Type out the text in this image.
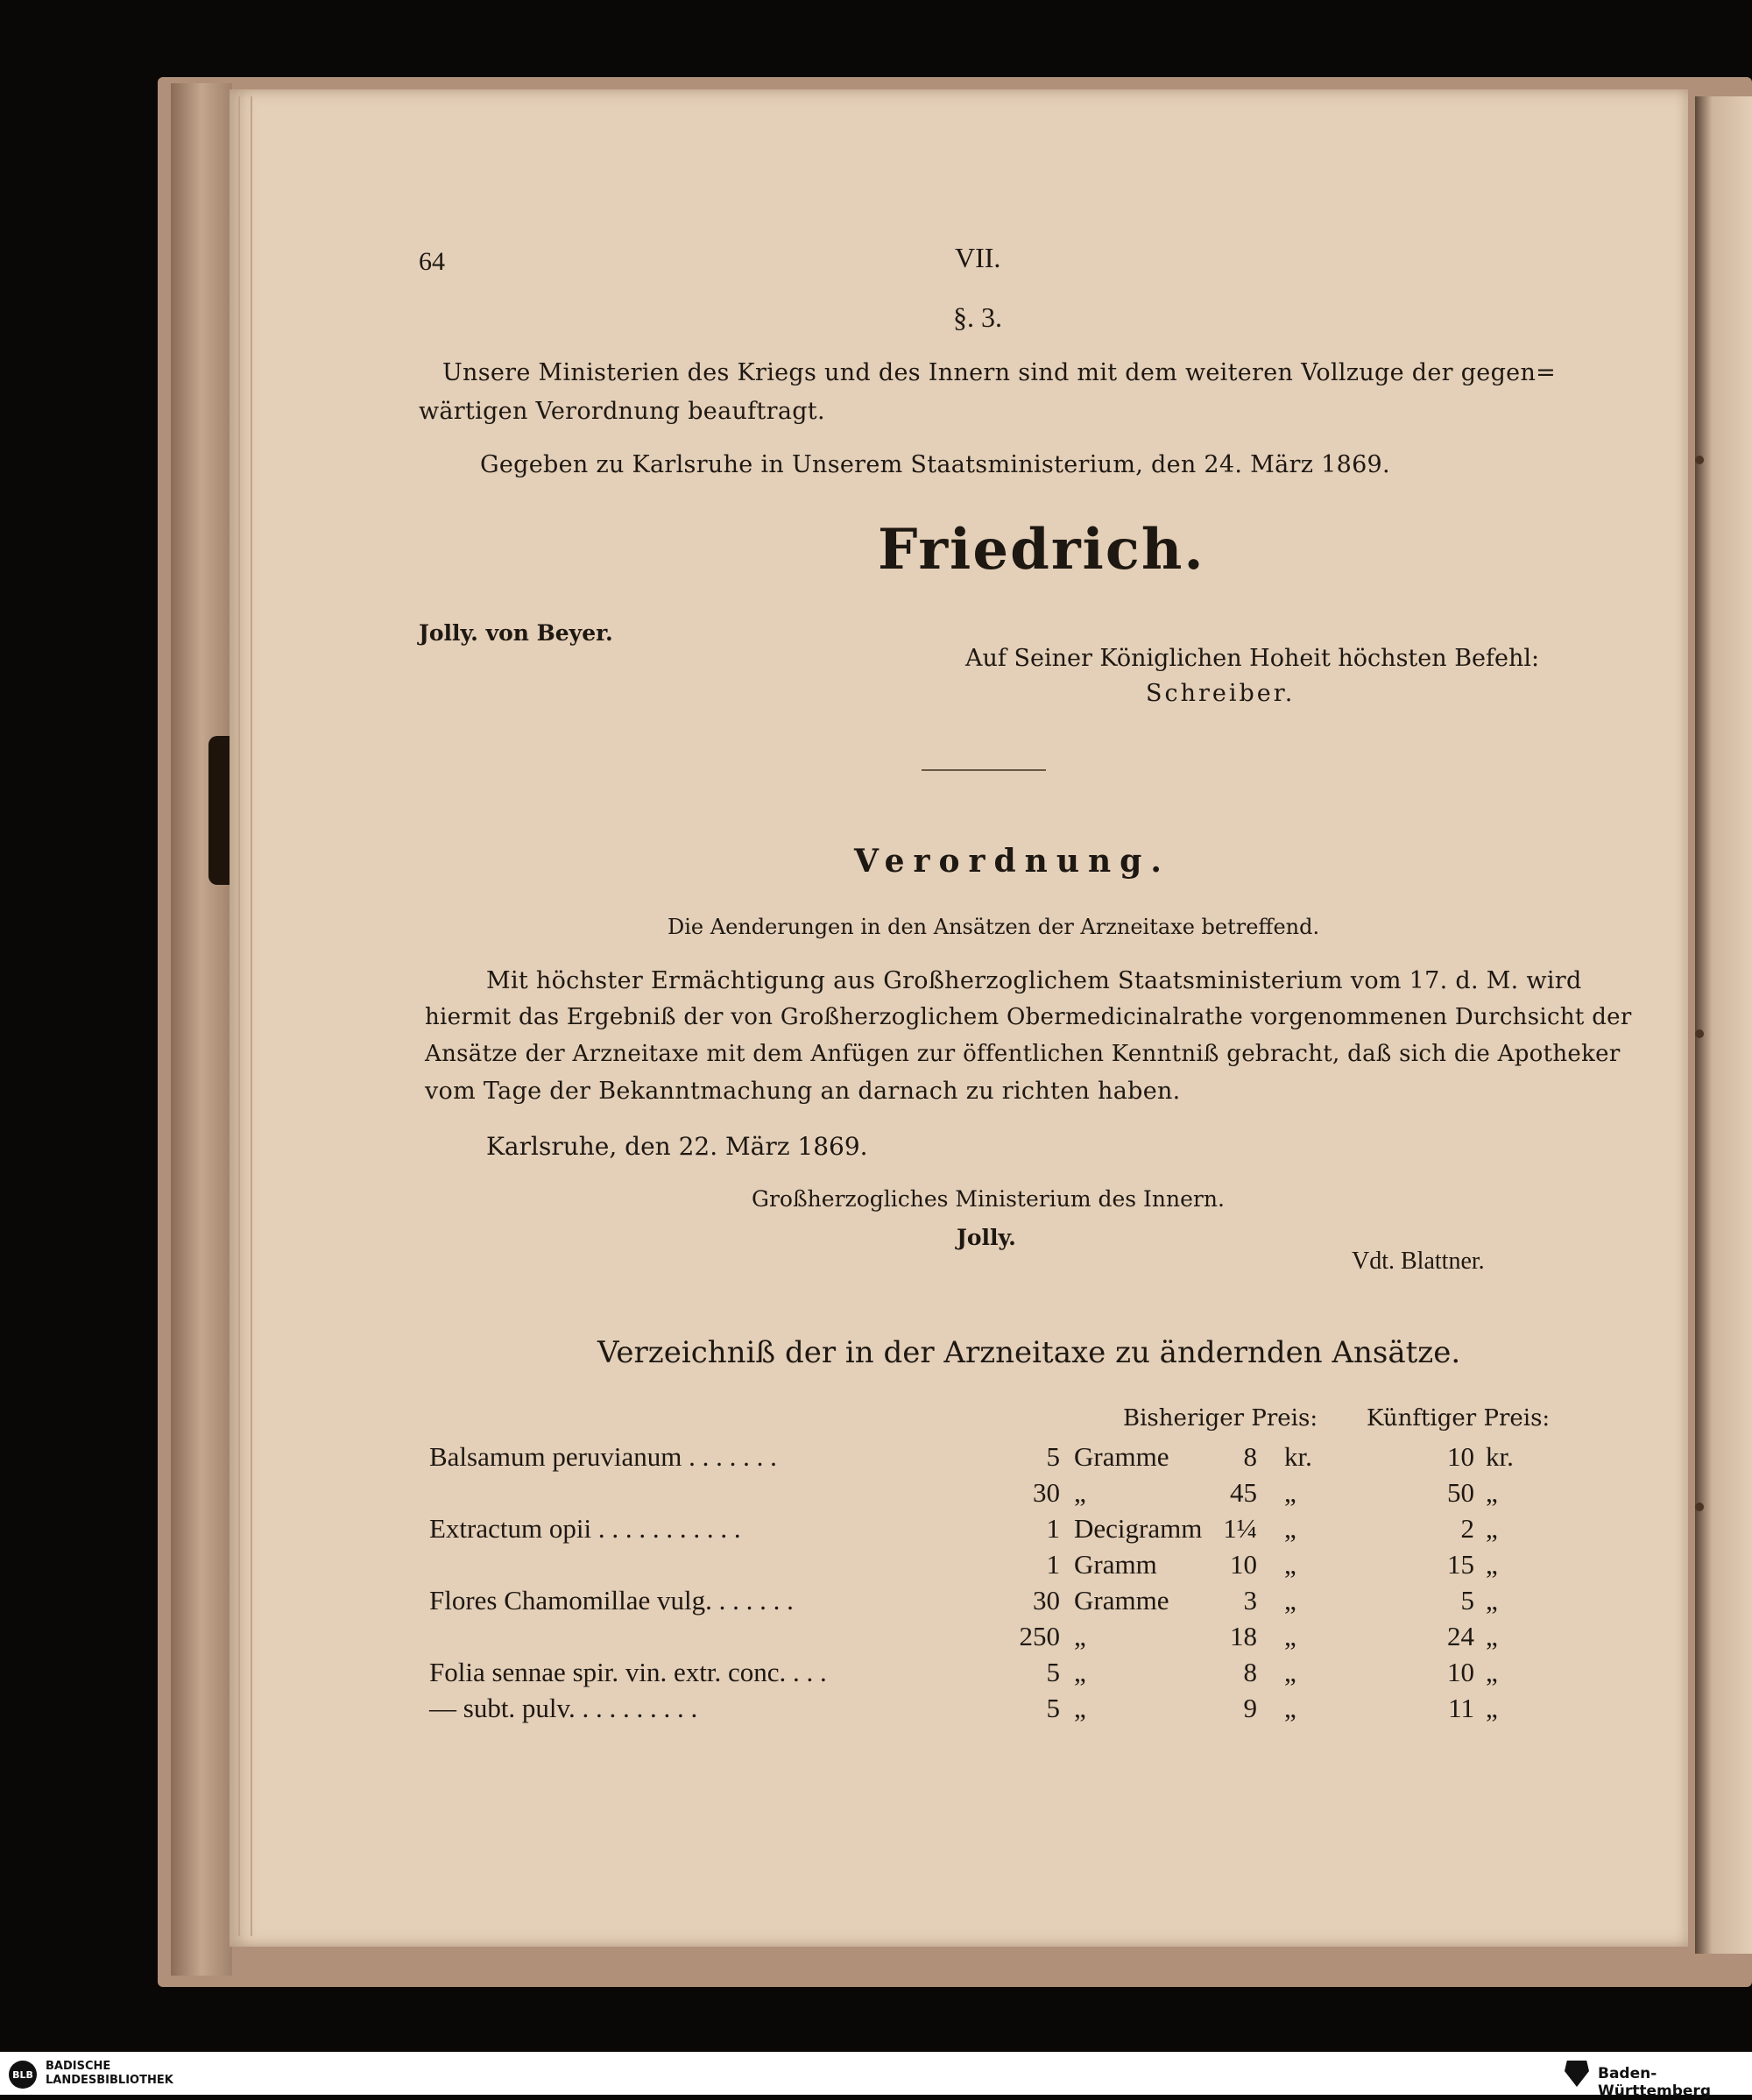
64	VII.
§. 3.
Unsere Ministerien des Kriegs und des Innern sind mit dem weiteren Vollzuge der gegen=
wärtigen Verordnung beauftragt.
Gegeben zu Karlsruhe in Unserem Staatsministerium, den 24. März 1869.
Friedrich.
Jolly. von Beyer.
Auf Seiner Königlichen Hoheit höchsten Befehl:
Schreiber.
Verordnung.
Die Aenderungen in den Ansätzen der Arzneitaxe betreffend.
Mit höchster Ermächtigung aus Großherzoglichem Staatsministerium vom 17. d. M. wird
hiermit das Ergebniß der von Großherzoglichem Obermedicinalrathe vorgenommenen Durchsicht der
Ansätze der Arzneitaxe mit dem Anfügen zur öffentlichen Kenntniß gebracht, daß sich die Apotheker
vom Tage der Bekanntmachung an darnach zu richten haben.
Karlsruhe, den 22. März 1869.
Großherzogliches Ministerium des Innern.
Jolly.
Vdt. Blattner.
Verzeichniß der in der Arzneitaxe zu ändernden Ansätze.
Bisheriger Preis: Künftiger Preis:
Balsamum peruvianum . . . . . . .	5 Gramme	8 kr.	10 kr.
30 „	45 „	50 „
Extractum opii . . . . . . . . . . .	1 Decigramm 1¼ „	2 „
1 Gramm	10 „	15 „
Flores Chamomillae vulg. . . . . . .	30 Gramme	3 „	5 „
250 „	18 „	24 „
Folia sennae spir. vin. extr. conc. . . .	5 „	8 „	10 „
— subt. pulv. . . . . . . . . .	5 „	9 „	11 „
BLB
BADISCHE
LANDESBIBLIOTHEK	Baden-Württemberg
